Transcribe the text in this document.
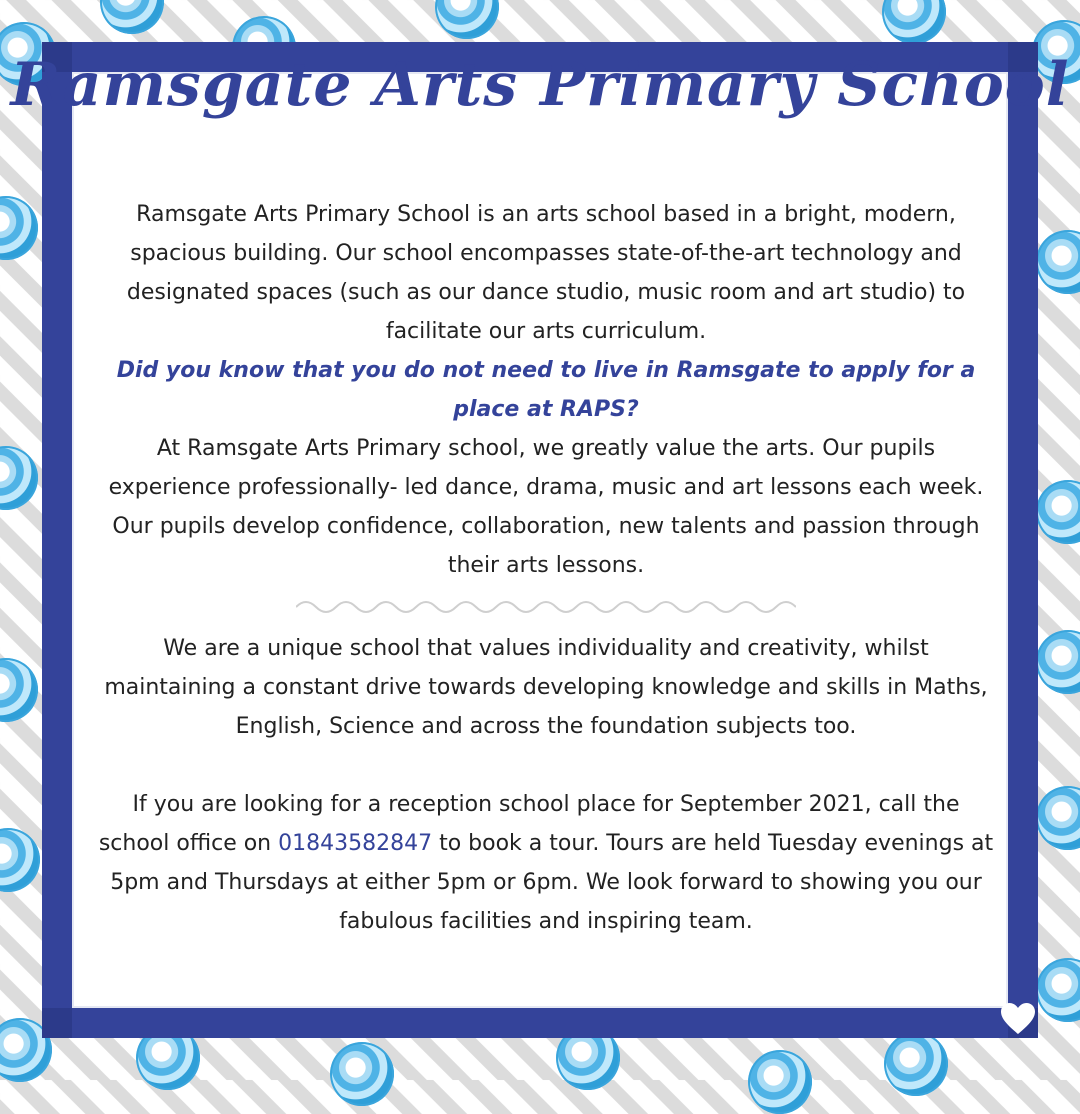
Ramsgate Arts Primary School

Ramsgate Arts Primary School is an arts school based in a bright, modern, spacious building. Our school encompasses state-of-the-art technology and designated spaces (such as our dance studio, music room and art studio) to facilitate our arts curriculum.

Did you know that you do not need to live in Ramsgate to apply for a place at RAPS?

At Ramsgate Arts Primary school, we greatly value the arts. Our pupils experience professionally- led dance, drama, music and art lessons each week. Our pupils develop confidence, collaboration, new talents and passion through their arts lessons.

We are a unique school that values individuality and creativity, whilst maintaining a constant drive towards developing knowledge and skills in Maths, English, Science and across the foundation subjects too.

If you are looking for a reception school place for September 2021, call the school office on 01843582847 to book a tour. Tours are held Tuesday evenings at 5pm and Thursdays at either 5pm or 6pm. We look forward to showing you our fabulous facilities and inspiring team.
